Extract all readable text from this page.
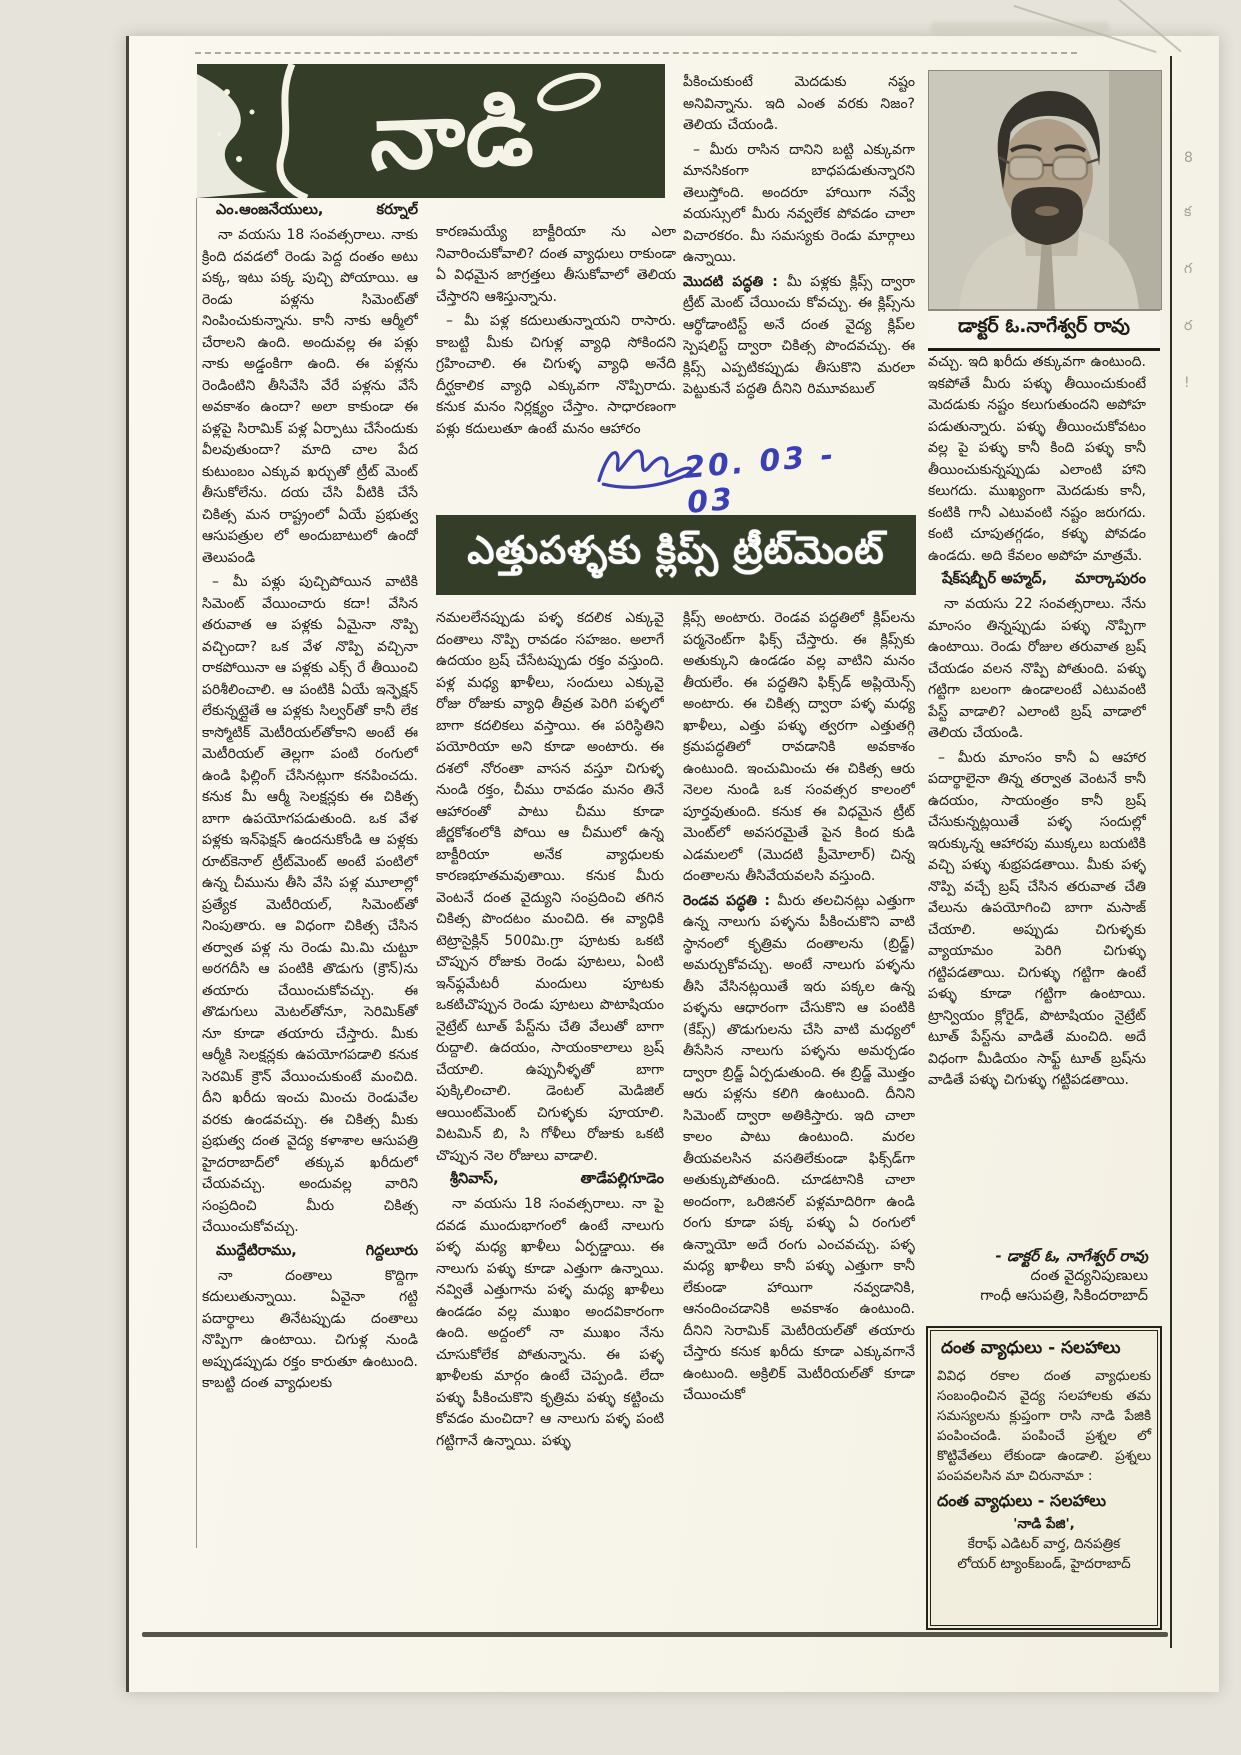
నాడి
డాక్టర్ ఓ.నాగేశ్వర్ రావు

ఎం.ఆంజనేయులు,	కర్నూల్

నా వయసు 18 సంవత్సరాలు. నాకు క్రింది దవడలో రెండు పెద్ద దంతం అటు పక్క, ఇటు పక్క పుచ్చి పోయాయి. ఆ రెండు పళ్లను సిమెంట్‌తో నింపించుకున్నాను. కానీ నాకు ఆర్మీలో చేరాలని ఉంది. అందువల్ల ఈ పళ్లు నాకు అడ్డంకిగా ఉంది. ఈ పళ్లను రెండింటిని తీసివేసి వేరే పళ్లను వేసే అవకాశం ఉందా? అలా కాకుండా ఈ పళ్లపై సిరామిక్ పళ్ల ఏర్పాటు చేసేందుకు వీలవుతుందా? మాది చాల పేద కుటుంబం ఎక్కువ ఖర్చుతో ట్రీట్ మెంట్ తీసుకోలేను. దయ చేసి వీటికి చేసే చికిత్స మన రాష్ట్రంలో ఏయే ప్రభుత్వ ఆసుపత్రుల లో అందుబాటులో ఉందో తెలుపండి

– మీ పళ్లు పుచ్చిపోయిన వాటికి సిమెంట్ వేయించారు కదా! వేసిన తరువాత ఆ పళ్లకు ఏమైనా నొప్పి వచ్చిందా? ఒక వేళ నొప్పి వచ్చినా రాకపోయినా ఆ పళ్లకు ఎక్స్ రే తీయించి పరిశీలించాలి. ఆ పంటికి ఏయే ఇన్ఫెక్షన్ లేకున్నట్లైతే ఆ పళ్లకు సిల్వర్‌తో కానీ లేక కాస్మోటిక్ మెటీరియల్‌తోకాని అంటే ఈ మెటీరియల్ తెల్లగా పంటి రంగులో ఉండి ఫిల్లింగ్ చేసినట్లుగా కనపించదు. కనుక మీ ఆర్మీ సెలక్షన్లకు ఈ చికిత్స బాగా ఉపయోగపడుతుంది. ఒక వేళ పళ్లకు ఇన్‌ఫెక్షన్ ఉందనుకోండి ఆ పళ్లకు రూట్‌కెనాల్ ట్రీట్‌మెంట్ అంటే పంటిలో ఉన్న చీమును తీసి వేసి పళ్ల మూలాల్లో ప్రత్యేక మెటీరియల్, సిమెంట్‌తో నింపుతారు. ఆ విధంగా చికిత్స చేసిన తర్వాత పళ్ల ను రెండు మి.మి చుట్టూ అరగదీసి ఆ పంటికి తొడుగు (క్రౌన్)ను తయారు చేయించుకోవచ్చు. ఈ తొడుగులు మెటల్‌తోనూ, సెరిమిక్‌తో నూ కూడా తయారు చేస్తారు. మీకు ఆర్మీకి సెలక్షన్లకు ఉపయోగపడాలి కనుక సెరమిక్ క్రౌన్ వేయించుకుంటే మంచిది. దీని ఖరీదు ఇంచు మించు రెండువేల వరకు ఉండవచ్చు. ఈ చికిత్స మీకు ప్రభుత్వ దంత వైద్య కళాశాల ఆసుపత్రి హైదరాబాద్‌లో తక్కువ ఖరీదులో చేయవచ్చు. అందువల్ల వారిని సంప్రదించి మీరు చికిత్స చేయించుకోవచ్చు.

ముద్దేటిరాము,	గిద్దలూరు

నా దంతాలు కొద్దిగా కదులుతున్నాయి. ఏవైనా గట్టి పదార్థాలు తినేటప్పుడు దంతాలు నొప్పిగా ఉంటాయి. చిగుళ్ల నుండి అప్పుడప్పుడు రక్తం కారుతూ ఉంటుంది. కాబట్టి దంత వ్యాధులకు

కారణమయ్యే బాక్టీరియా ను ఎలా నివారించుకోవాలి? దంత వ్యాధులు రాకుండా ఏ విధమైన జాగ్రత్తలు తీసుకోవాలో తెలియ చేస్తారని ఆశిస్తున్నాను.

– మీ పళ్ల కదులుతున్నాయని రాసారు. కాబట్టి మీకు చిగుళ్ల వ్యాధి సోకిందని గ్రహించాలి. ఈ చిగుళ్ళ వ్యాధి అనేది దీర్ఘకాలిక వ్యాధి ఎక్కువగా నొప్పిరాదు. కనుక మనం నిర్లక్ష్యం చేస్తాం. సాధారణంగా పళ్లు కదులుతూ ఉంటే మనం ఆహారం

పీకించుకుంటే మెదడుకు నష్టం అనివిన్నాను. ఇది ఎంత వరకు నిజం? తెలియ చేయండి.

– మీరు రాసిన దానిని బట్టి ఎక్కువగా మానసికంగా బాధపడుతున్నారని తెలుస్తోంది. అందరూ హాయిగా నవ్వే వయస్సులో మీరు నవ్వలేక పోవడం చాలా విచారకరం. మీ సమస్యకు రెండు మార్గాలు ఉన్నాయి.

మొదటి పద్ధతి : మీ పళ్లకు క్లిప్స్ ద్వారా ట్రీట్ మెంట్ చేయించు కోవచ్చు. ఈ క్లిప్స్‌ను ఆర్థోడాంటిస్ట్ అనే దంత వైద్య క్లిప్‌ల స్పెషలిస్ట్ ద్వారా చికిత్స పొందవచ్చు. ఈ క్లిప్స్ ఎప్పటికప్పుడు తీసుకొని మరలా పెట్టుకునే పద్ధతి దీనిని రిమూవబుల్

నమలలేనప్పుడు పళ్ళ కదలిక ఎక్కువై దంతాలు నొప్పి రావడం సహజం. అలాగే ఉదయం బ్రష్ చేసేటప్పుడు రక్తం వస్తుంది. పళ్ల మధ్య ఖాళీలు, సందులు ఎక్కువై రోజు రోజుకు వ్యాధి తీవ్రత పెరిగి పళ్ళలో బాగా కదలికలు వస్తాయి. ఈ పరిస్థితిని పయోరియా అని కూడా అంటారు. ఈ దశలో నోరంతా వాసన వస్తూ చిగుళ్ళ నుండి రక్తం, చీము రావడం మనం తినే ఆహారంతో పాటు చీము కూడా జీర్ణకోశంలోకి పోయి ఆ చీములో ఉన్న బాక్టీరియా అనేక వ్యాధులకు కారణభూతమవుతాయి. కనుక మీరు వెంటనే దంత వైద్యుని సంప్రదించి తగిన చికిత్స పొందటం మంచిది. ఈ వ్యాధికి టెట్రాసైక్లిన్ 500మి.గ్రా పూటకు ఒకటి చొప్పున రోజుకు రెండు పూటలు, ఏంటి ఇన్‌ఫ్లమేటరీ మందులు పూటకు ఒకటిచొప్పున రెండు పూటలు పొటాషియం నైట్రేట్ టూత్ పేస్ట్‌ను చేతి వేలుతో బాగా రుద్దాలి. ఉదయం, సాయంకాలాలు బ్రష్ చేయాలి. ఉప్పునీళ్ళతో బాగా పుక్కిలించాలి. డెంటల్ మెడిజిల్ ఆయింట్‌మెంట్ చిగుళ్ళకు పూయాలి. విటమిన్ బి, సి గోళీలు రోజుకు ఒకటి చొప్పున నెల రోజులు వాడాలి.

శ్రీనివాస్,	తాడేపల్లిగూడెం

నా వయసు 18 సంవత్సరాలు. నా పై దవడ ముందుభాగంలో ఉంటే నాలుగు పళ్ళ మధ్య ఖాళీలు ఏర్పడ్డాయి. ఈ నాలుగు పళ్ళు కూడా ఎత్తుగా ఉన్నాయి. నవ్వితే ఎత్తుగాను పళ్ళ మధ్య ఖాళీలు ఉండడం వల్ల ముఖం అందవికారంగా ఉంది. అద్దంలో నా ముఖం నేను చూసుకోలేక పోతున్నాను. ఈ పళ్ళ ఖాళీలకు మార్గం ఉంటే చెప్పండి. లేదా పళ్ళు పీకించుకొని కృత్రిమ పళ్ళు కట్టించు కోవడం మంచిదా? ఆ నాలుగు పళ్ళ పంటి గట్టిగానే ఉన్నాయి. పళ్ళు

క్లిప్స్ అంటారు. రెండవ పద్ధతిలో క్లిప్‌లను పర్మనెంట్‌గా ఫిక్స్ చేస్తారు. ఈ క్లిప్స్‌కు అతుక్కుని ఉండడం వల్ల వాటిని మనం తీయలేం. ఈ పద్ధతిని ఫిక్స్‌డ్ అప్లియెన్స్ అంటారు. ఈ చికిత్స ద్వారా పళ్ళ మధ్య ఖాళీలు, ఎత్తు పళ్ళు త్వరగా ఎత్తుతగ్గి క్రమపద్ధతిలో రావడానికి అవకాశం ఉంటుంది. ఇంచుమించు ఈ చికిత్స ఆరు నెలల నుండి ఒక సంవత్సర కాలంలో పూర్తవుతుంది. కనుక ఈ విధమైన ట్రీట్ మెంట్‌లో అవసరమైతే పైన కింద కుడి ఎడమలలో (మొదటి ప్రీమోలార్) చిన్న దంతాలను తీసివేయవలసి వస్తుంది.

రెండవ పద్ధతి : మీరు తలచినట్లు ఎత్తుగా ఉన్న నాలుగు పళ్ళను పీకించుకొని వాటి స్థానంలో కృత్రిమ దంతాలను (బ్రిడ్జ్) అమర్చుకోవచ్చు. అంటే నాలుగు పళ్ళను తీసి వేసినట్లయితే ఇరు పక్కల ఉన్న పళ్ళను ఆధారంగా చేసుకొని ఆ పంటికి (కేప్స్) తొడుగులను చేసి వాటి మధ్యలో తీసేసిన నాలుగు పళ్ళను అమర్చడం ద్వారా బ్రిడ్జ్ ఏర్పడుతుంది. ఈ బ్రిడ్జ్ మొత్తం ఆరు పళ్లను కలిగి ఉంటుంది. దీనిని సిమెంట్ ద్వారా అతికిస్తారు. ఇది చాలా కాలం పాటు ఉంటుంది. మరల తీయవలసిన వసతిలేకుండా ఫిక్స్‌డ్‌గా అతుక్కుపోతుంది. చూడటానికి చాలా అందంగా, ఒరిజినల్ పళ్లమాదిరిగా ఉండి రంగు కూడా పక్క పళ్ళు ఏ రంగులో ఉన్నాయో అదే రంగు ఎంచవచ్చు. పళ్ళ మధ్య ఖాళీలు కానీ పళ్ళు ఎత్తుగా కానీ లేకుండా హాయిగా నవ్వడానికి, ఆనందించడానికి అవకాశం ఉంటుంది. దీనిని సెరామిక్ మెటీరియల్‌తో తయారు చేస్తారు కనుక ఖరీదు కూడా ఎక్కువగానే ఉంటుంది. అక్రిలిక్ మెటీరియల్‌తో కూడా చేయించుకో

వచ్చు. ఇది ఖరీదు తక్కువగా ఉంటుంది. ఇకపోతే మీరు పళ్ళు తీయించుకుంటే మెదడుకు నష్టం కలుగుతుందని అపోహ పడుతున్నారు. పళ్ళు తీయించుకోవటం వల్ల పై పళ్ళు కానీ కింది పళ్ళు కానీ తీయించుకున్నప్పుడు ఎలాంటి హాని కలుగదు. ముఖ్యంగా మెదడుకు కానీ, కంటికి గానీ ఎటువంటి నష్టం జరుగదు. కంటి చూపుతగ్గడం, కళ్ళు పోవడం ఉండదు. అది కేవలం అపోహ మాత్రమే.

షేక్‌షబ్బీర్ అహ్మద్, మార్కాపురం

నా వయసు 22 సంవత్సరాలు. నేను మాంసం తిన్నప్పుడు పళ్ళు నొప్పిగా ఉంటాయి. రెండు రోజుల తరువాత బ్రష్ చేయడం వలన నొప్పి పోతుంది. పళ్ళు గట్టిగా బలంగా ఉండాలంటే ఎటువంటి పేస్ట్ వాడాలి? ఎలాంటి బ్రష్ వాడాలో తెలియ చేయండి.

– మీరు మాంసం కానీ ఏ ఆహార పదార్థాలైనా తిన్న తర్వాత వెంటనే కానీ ఉదయం, సాయంత్రం కానీ బ్రష్ చేసుకున్నట్లయితే పళ్ళ సందుల్లో ఇరుక్కున్న ఆహారపు ముక్కలు బయటికి వచ్చి పళ్ళు శుభ్రపడతాయి. మీకు పళ్ళ నొప్పి వచ్చే బ్రష్ చేసిన తరువాత చేతి వేలును ఉపయోగించి బాగా మసాజ్ చేయాలి. అప్పుడు చిగుళ్ళకు వ్యాయామం పెరిగి చిగుళ్ళు గట్టిపడతాయి. చిగుళ్ళు గట్టిగా ఉంటే పళ్ళు కూడా గట్టిగా ఉంటాయి. ట్రాన్వియం క్లోరైడ్, పొటాషియం నైట్రేట్ టూత్ పేస్ట్‌ను వాడితే మంచిది. అదే విధంగా మీడియం సాఫ్ట్ టూత్ బ్రష్‌ను వాడితే పళ్ళు చిగుళ్ళు గట్టిపడతాయి.

ఎత్తుపళ్ళకు క్లిప్స్ ట్రీట్‌మెంట్
20. 03 - 03
- డాక్టర్ ఓ, నాగేశ్వర్ రావు
దంత వైద్యనిపుణులు
గాంధీ ఆసుపత్రి, సికిందరాబాద్
దంత వ్యాధులు - సలహాలు
వివిధ రకాల దంత వ్యాధులకు సంబంధించిన వైద్య సలహాలకు తమ సమస్యలను క్లుప్తంగా రాసి నాడి పేజికి పంపించండి. పంపించే ప్రశ్నల లో కొట్టివేతలు లేకుండా ఉండాలి. ప్రశ్నలు పంపవలసిన మా చిరునామా :
దంత వ్యాధులు - సలహాలు
'నాడి పేజి',
కేరాఫ్ ఎడిటర్ వార్త, దినపత్రిక
లోయర్ ట్యాంక్‌బండ్, హైదరాబాద్
8
క
గ
ర
!
